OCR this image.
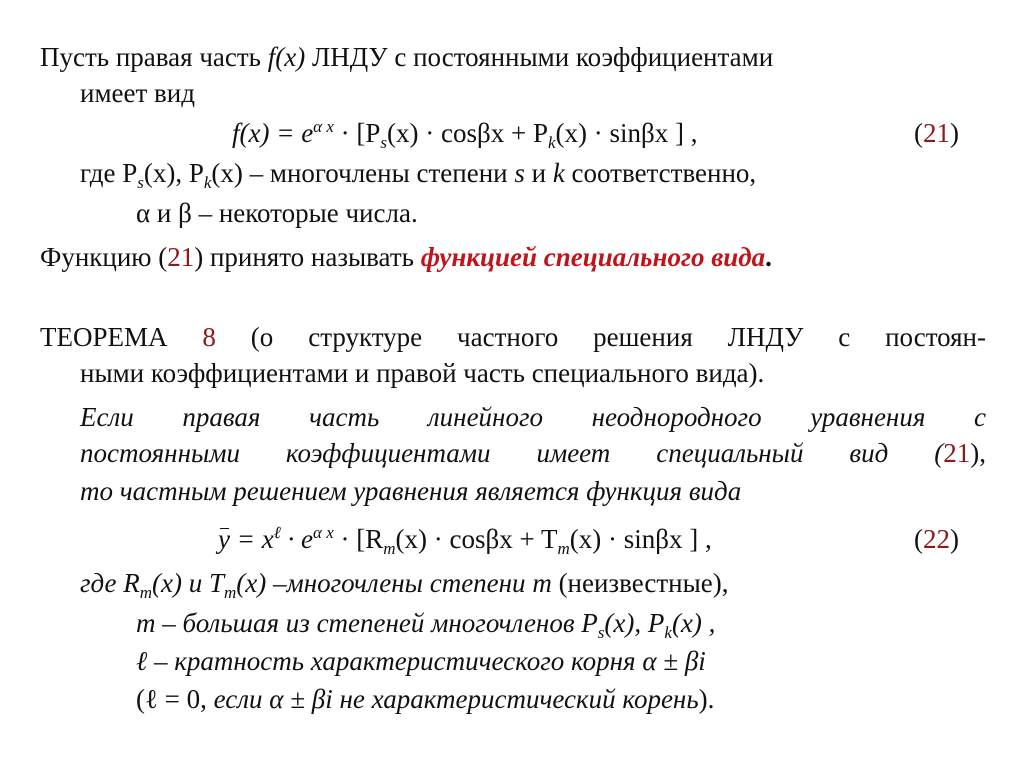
Пусть правая часть f(x) ЛНДУ с постоянными коэффициентами
имеет вид
$f(x) = e^{\alpha x} \cdot [P_s(x) \cdot \cos\beta x + P_k(x) \cdot \sin\beta x$ ] ,	(21)
где $P_s(x)$, $P_k(x)$ – многочлены степени s и k соответственно,
α и β – некоторые числа.
Функцию (21) принято называть функцией специального вида.
ТЕОРЕМА 8 (о структуре частного решения ЛНДУ с постоян-
ными коэффициентами и правой часть специального вида).
Если правая часть линейного неоднородного уравнения с
постоянными коэффициентами имеет специальный вид (21),
то частным решением уравнения является функция вида
$y = x^\ell \cdot e^{\alpha x} \cdot [R_m(x) \cdot \cos\beta x + T_m(x) \cdot \sin\beta x$ ] ,	(22)
где $R_m(x)$ и $T_m(x)$ –многочлены степени m (неизвестные),
m – большая из степеней многочленов $P_s(x)$, $P_k(x)$ ,
ℓ – кратность характеристического корня α ± βi
(ℓ = 0, если α ± βi не характеристический корень).
